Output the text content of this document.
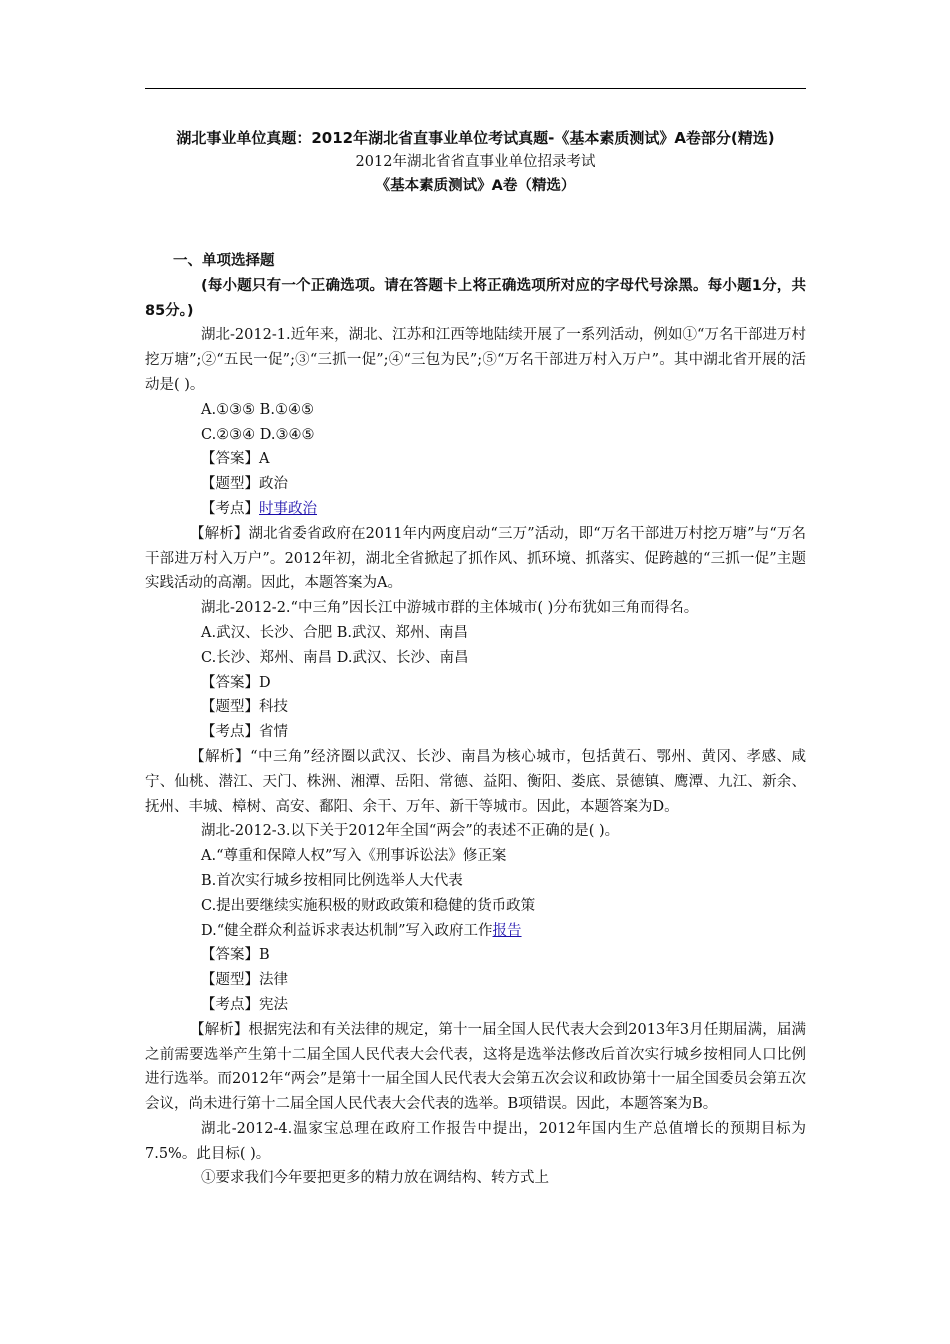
湖北事业单位真题：2012年湖北省直事业单位考试真题-《基本素质测试》A卷部分(精选)
2012年湖北省省直事业单位招录考试
《基本素质测试》A卷（精选）

一、单项选择题

(每小题只有一个正确选项。请在答题卡上将正确选项所对应的字母代号涂黑。每小题1分，共85分。)

湖北-2012-1.近年来，湖北、江苏和江西等地陆续开展了一系列活动，例如①“万名干部进万村挖万塘”;②“五民一促”;③“三抓一促”;④“三包为民”;⑤“万名干部进万村入万户”。其中湖北省开展的活动是( )。

A.①③⑤ B.①④⑤

C.②③④ D.③④⑤

【答案】A

【题型】政治

【考点】时事政治

【解析】湖北省委省政府在2011年内两度启动“三万”活动，即“万名干部进万村挖万塘”与“万名干部进万村入万户”。2012年初，湖北全省掀起了抓作风、抓环境、抓落实、促跨越的“三抓一促”主题实践活动的高潮。因此，本题答案为A。

湖北-2012-2.“中三角”因长江中游城市群的主体城市( )分布犹如三角而得名。

A.武汉、长沙、合肥 B.武汉、郑州、南昌

C.长沙、郑州、南昌 D.武汉、长沙、南昌

【答案】D

【题型】科技

【考点】省情

【解析】“中三角”经济圈以武汉、长沙、南昌为核心城市，包括黄石、鄂州、黄冈、孝感、咸宁、仙桃、潜江、天门、株洲、湘潭、岳阳、常德、益阳、衡阳、娄底、景德镇、鹰潭、九江、新余、抚州、丰城、樟树、高安、鄱阳、余干、万年、新干等城市。因此，本题答案为D。

湖北-2012-3.以下关于2012年全国“两会”的表述不正确的是( )。

A.“尊重和保障人权”写入《刑事诉讼法》修正案

B.首次实行城乡按相同比例选举人大代表

C.提出要继续实施积极的财政政策和稳健的货币政策

D.“健全群众利益诉求表达机制”写入政府工作报告

【答案】B

【题型】法律

【考点】宪法

【解析】根据宪法和有关法律的规定，第十一届全国人民代表大会到2013年3月任期届满，届满之前需要选举产生第十二届全国人民代表大会代表，这将是选举法修改后首次实行城乡按相同人口比例进行选举。而2012年“两会”是第十一届全国人民代表大会第五次会议和政协第十一届全国委员会第五次会议，尚未进行第十二届全国人民代表大会代表的选举。B项错误。因此，本题答案为B。

湖北-2012-4.温家宝总理在政府工作报告中提出，2012年国内生产总值增长的预期目标为7.5%。此目标( )。

①要求我们今年要把更多的精力放在调结构、转方式上
